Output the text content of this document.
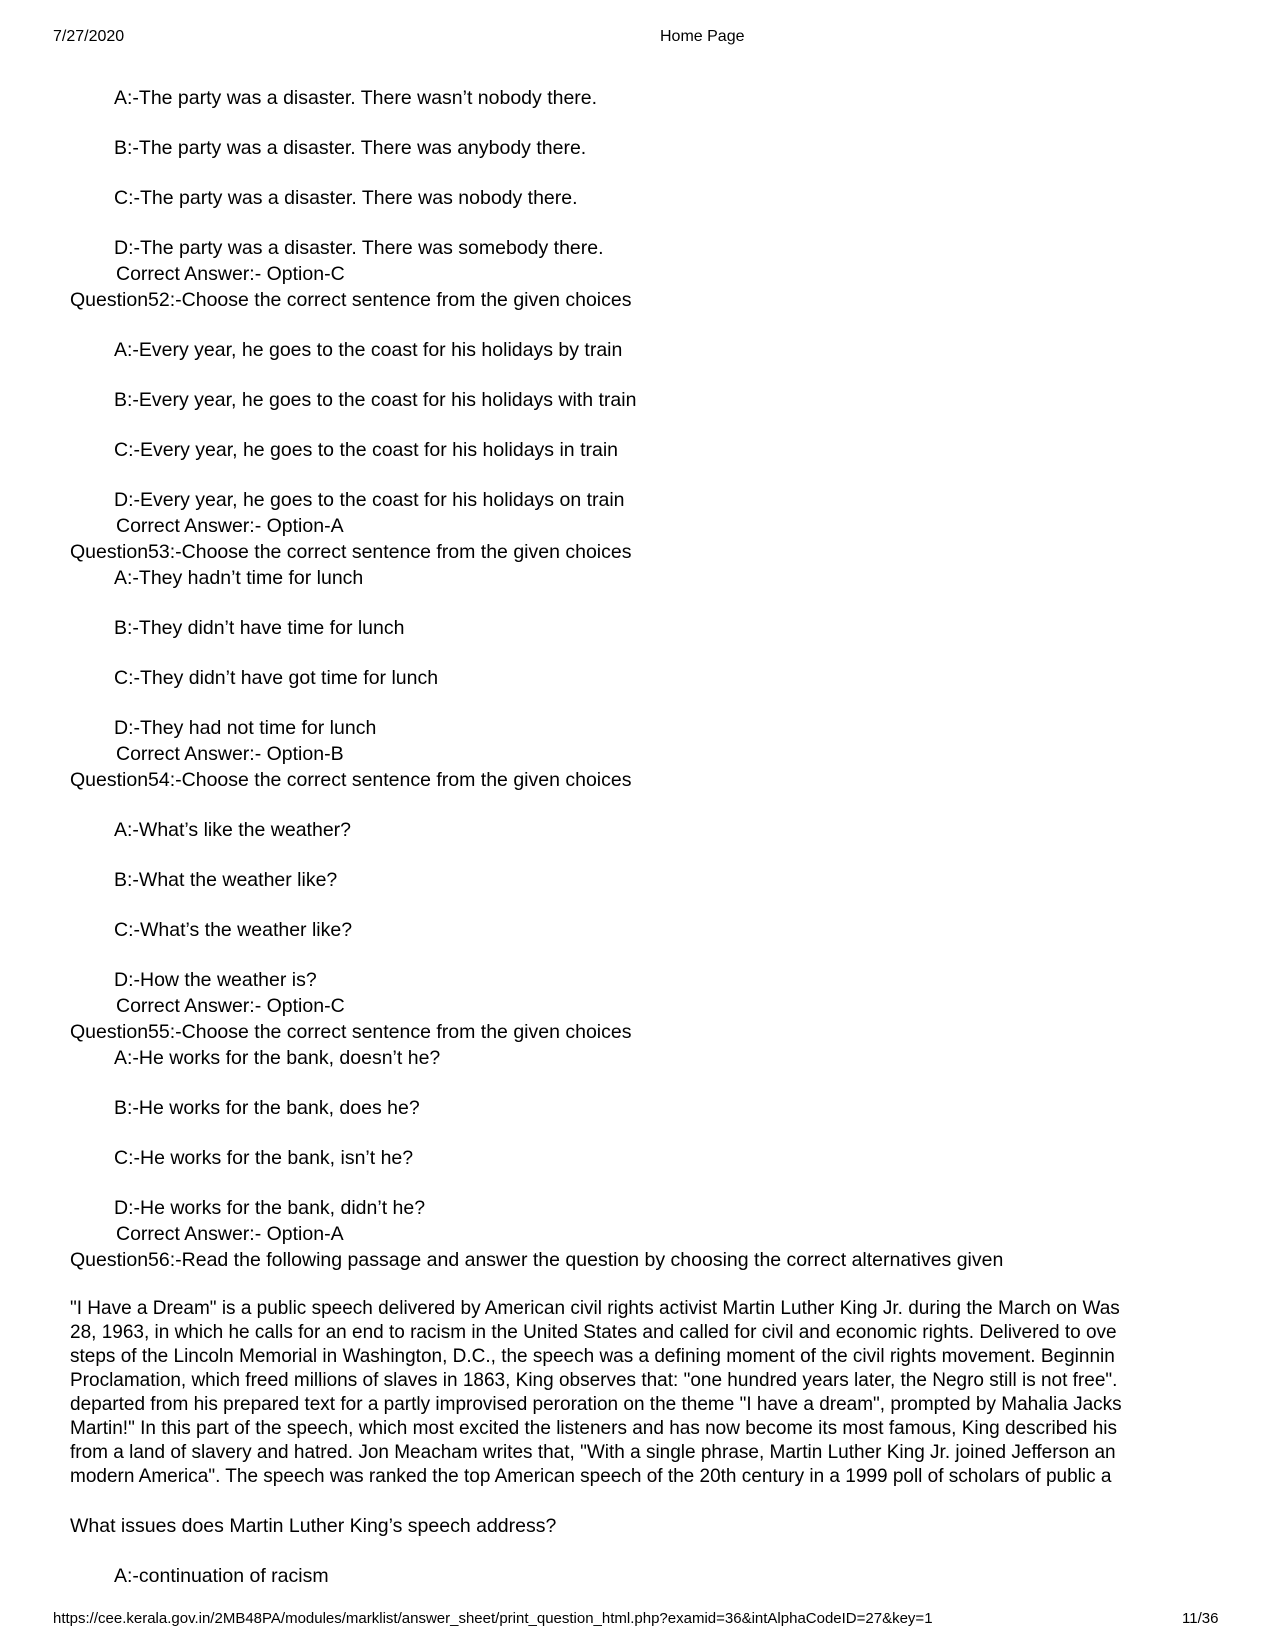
7/27/2020	Home Page
A:-The party was a disaster. There wasn’t nobody there.
B:-The party was a disaster. There was anybody there.
C:-The party was a disaster. There was nobody there.
D:-The party was a disaster. There was somebody there.
Correct Answer:- Option-C
Question52:-Choose the correct sentence from the given choices
A:-Every year, he goes to the coast for his holidays by train
B:-Every year, he goes to the coast for his holidays with train
C:-Every year, he goes to the coast for his holidays in train
D:-Every year, he goes to the coast for his holidays on train
Correct Answer:- Option-A
Question53:-Choose the correct sentence from the given choices
A:-They hadn’t time for lunch
B:-They didn’t have time for lunch
C:-They didn’t have got time for lunch
D:-They had not time for lunch
Correct Answer:- Option-B
Question54:-Choose the correct sentence from the given choices
A:-What’s like the weather?
B:-What the weather like?
C:-What’s the weather like?
D:-How the weather is?
Correct Answer:- Option-C
Question55:-Choose the correct sentence from the given choices
A:-He works for the bank, doesn’t he?
B:-He works for the bank, does he?
C:-He works for the bank, isn’t he?
D:-He works for the bank, didn’t he?
Correct Answer:- Option-A
Question56:-Read the following passage and answer the question by choosing the correct alternatives given
"I Have a Dream" is a public speech delivered by American civil rights activist Martin Luther King Jr. during the March on Was
28, 1963, in which he calls for an end to racism in the United States and called for civil and economic rights. Delivered to ove
steps of the Lincoln Memorial in Washington, D.C., the speech was a defining moment of the civil rights movement. Beginnin
Proclamation, which freed millions of slaves in 1863, King observes that: "one hundred years later, the Negro still is not free".
departed from his prepared text for a partly improvised peroration on the theme "I have a dream", prompted by Mahalia Jacks
Martin!" In this part of the speech, which most excited the listeners and has now become its most famous, King described his
from a land of slavery and hatred. Jon Meacham writes that, "With a single phrase, Martin Luther King Jr. joined Jefferson an
modern America". The speech was ranked the top American speech of the 20th century in a 1999 poll of scholars of public a
What issues does Martin Luther King’s speech address?
A:-continuation of racism
https://cee.kerala.gov.in/2MB48PA/modules/marklist/answer_sheet/print_question_html.php?examid=36&intAlphaCodeID=27&key=1	11/36
